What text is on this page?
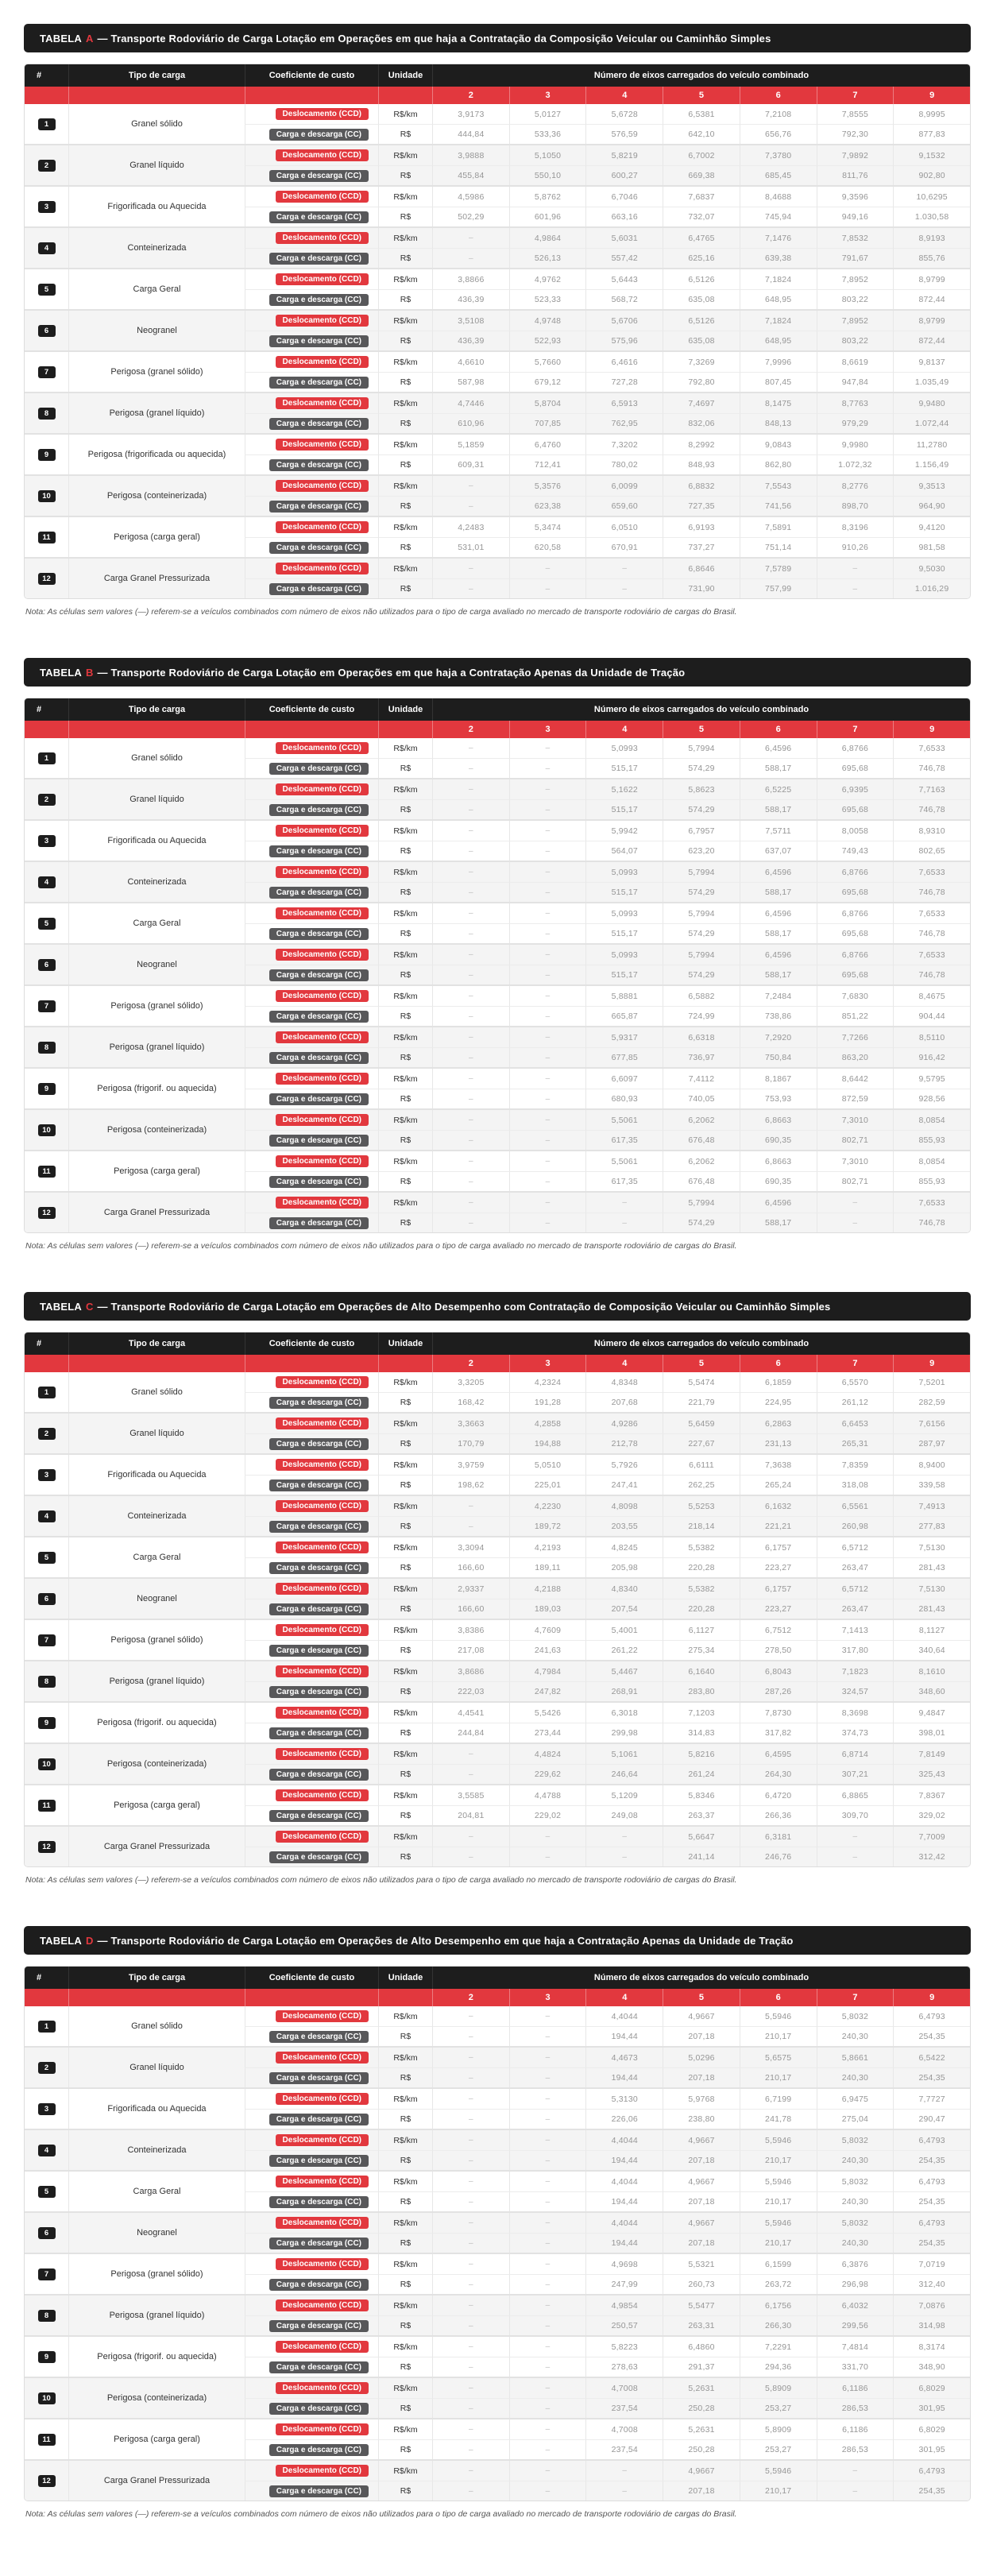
TABELA A — Transporte Rodoviário de Carga Lotação em Operações em que haja a Contratação da Composição Veicular ou Caminhão Simples
#	Tipo de carga	Coeficiente de custo	Unidade	Número de eixos carregados do veículo combinado
2	3	4	5	6	7	9
1	Granel sólido
Deslocamento (CCD)	R$/km	3,9173	5,0127	5,6728	6,5381	7,2108	7,8555	8,9995
Carga e descarga (CC)	R$	444,84	533,36	576,59	642,10	656,76	792,30	877,83
2	Granel líquido
Deslocamento (CCD)	R$/km	3,9888	5,1050	5,8219	6,7002	7,3780	7,9892	9,1532
Carga e descarga (CC)	R$	455,84	550,10	600,27	669,38	685,45	811,76	902,80
3	Frigorificada ou Aquecida
Deslocamento (CCD)	R$/km	4,5986	5,8762	6,7046	7,6837	8,4688	9,3596	10,6295
Carga e descarga (CC)	R$	502,29	601,96	663,16	732,07	745,94	949,16	1.030,58
4	Conteinerizada
Deslocamento (CCD)	R$/km	–	4,9864	5,6031	6,4765	7,1476	7,8532	8,9193
Carga e descarga (CC)	R$	–	526,13	557,42	625,16	639,38	791,67	855,76
5	Carga Geral
Deslocamento (CCD)	R$/km	3,8866	4,9762	5,6443	6,5126	7,1824	7,8952	8,9799
Carga e descarga (CC)	R$	436,39	523,33	568,72	635,08	648,95	803,22	872,44
6	Neogranel
Deslocamento (CCD)	R$/km	3,5108	4,9748	5,6706	6,5126	7,1824	7,8952	8,9799
Carga e descarga (CC)	R$	436,39	522,93	575,96	635,08	648,95	803,22	872,44
7	Perigosa (granel sólido)
Deslocamento (CCD)	R$/km	4,6610	5,7660	6,4616	7,3269	7,9996	8,6619	9,8137
Carga e descarga (CC)	R$	587,98	679,12	727,28	792,80	807,45	947,84	1.035,49
8	Perigosa (granel líquido)
Deslocamento (CCD)	R$/km	4,7446	5,8704	6,5913	7,4697	8,1475	8,7763	9,9480
Carga e descarga (CC)	R$	610,96	707,85	762,95	832,06	848,13	979,29	1.072,44
9	Perigosa (frigorificada ou aquecida)
Deslocamento (CCD)	R$/km	5,1859	6,4760	7,3202	8,2992	9,0843	9,9980	11,2780
Carga e descarga (CC)	R$	609,31	712,41	780,02	848,93	862,80	1.072,32	1.156,49
10	Perigosa (conteinerizada)
Deslocamento (CCD)	R$/km	–	5,3576	6,0099	6,8832	7,5543	8,2776	9,3513
Carga e descarga (CC)	R$	–	623,38	659,60	727,35	741,56	898,70	964,90
11	Perigosa (carga geral)
Deslocamento (CCD)	R$/km	4,2483	5,3474	6,0510	6,9193	7,5891	8,3196	9,4120
Carga e descarga (CC)	R$	531,01	620,58	670,91	737,27	751,14	910,26	981,58
12	Carga Granel Pressurizada
Deslocamento (CCD)	R$/km	–	–	–	6,8646	7,5789	–	9,5030
Carga e descarga (CC)	R$	–	–	–	731,90	757,99	–	1.016,29

Nota: As células sem valores (—) referem-se a veículos combinados com número de eixos não utilizados para o tipo de carga avaliado no mercado de transporte rodoviário de cargas do Brasil.

TABELA B — Transporte Rodoviário de Carga Lotação em Operações em que haja a Contratação Apenas da Unidade de Tração
#	Tipo de carga	Coeficiente de custo	Unidade	Número de eixos carregados do veículo combinado
2	3	4	5	6	7	9
1	Granel sólido
Deslocamento (CCD)	R$/km	–	–	5,0993	5,7994	6,4596	6,8766	7,6533
Carga e descarga (CC)	R$	–	–	515,17	574,29	588,17	695,68	746,78
2	Granel líquido
Deslocamento (CCD)	R$/km	–	–	5,1622	5,8623	6,5225	6,9395	7,7163
Carga e descarga (CC)	R$	–	–	515,17	574,29	588,17	695,68	746,78
3	Frigorificada ou Aquecida
Deslocamento (CCD)	R$/km	–	–	5,9942	6,7957	7,5711	8,0058	8,9310
Carga e descarga (CC)	R$	–	–	564,07	623,20	637,07	749,43	802,65
4	Conteinerizada
Deslocamento (CCD)	R$/km	–	–	5,0993	5,7994	6,4596	6,8766	7,6533
Carga e descarga (CC)	R$	–	–	515,17	574,29	588,17	695,68	746,78
5	Carga Geral
Deslocamento (CCD)	R$/km	–	–	5,0993	5,7994	6,4596	6,8766	7,6533
Carga e descarga (CC)	R$	–	–	515,17	574,29	588,17	695,68	746,78
6	Neogranel
Deslocamento (CCD)	R$/km	–	–	5,0993	5,7994	6,4596	6,8766	7,6533
Carga e descarga (CC)	R$	–	–	515,17	574,29	588,17	695,68	746,78
7	Perigosa (granel sólido)
Deslocamento (CCD)	R$/km	–	–	5,8881	6,5882	7,2484	7,6830	8,4675
Carga e descarga (CC)	R$	–	–	665,87	724,99	738,86	851,22	904,44
8	Perigosa (granel líquido)
Deslocamento (CCD)	R$/km	–	–	5,9317	6,6318	7,2920	7,7266	8,5110
Carga e descarga (CC)	R$	–	–	677,85	736,97	750,84	863,20	916,42
9	Perigosa (frigorif. ou aquecida)
Deslocamento (CCD)	R$/km	–	–	6,6097	7,4112	8,1867	8,6442	9,5795
Carga e descarga (CC)	R$	–	–	680,93	740,05	753,93	872,59	928,56
10	Perigosa (conteinerizada)
Deslocamento (CCD)	R$/km	–	–	5,5061	6,2062	6,8663	7,3010	8,0854
Carga e descarga (CC)	R$	–	–	617,35	676,48	690,35	802,71	855,93
11	Perigosa (carga geral)
Deslocamento (CCD)	R$/km	–	–	5,5061	6,2062	6,8663	7,3010	8,0854
Carga e descarga (CC)	R$	–	–	617,35	676,48	690,35	802,71	855,93
12	Carga Granel Pressurizada
Deslocamento (CCD)	R$/km	–	–	–	5,7994	6,4596	–	7,6533
Carga e descarga (CC)	R$	–	–	–	574,29	588,17	–	746,78

Nota: As células sem valores (—) referem-se a veículos combinados com número de eixos não utilizados para o tipo de carga avaliado no mercado de transporte rodoviário de cargas do Brasil.

TABELA C — Transporte Rodoviário de Carga Lotação em Operações de Alto Desempenho com Contratação de Composição Veicular ou Caminhão Simples
#	Tipo de carga	Coeficiente de custo	Unidade	Número de eixos carregados do veículo combinado
2	3	4	5	6	7	9
1	Granel sólido
Deslocamento (CCD)	R$/km	3,3205	4,2324	4,8348	5,5474	6,1859	6,5570	7,5201
Carga e descarga (CC)	R$	168,42	191,28	207,68	221,79	224,95	261,12	282,59
2	Granel líquido
Deslocamento (CCD)	R$/km	3,3663	4,2858	4,9286	5,6459	6,2863	6,6453	7,6156
Carga e descarga (CC)	R$	170,79	194,88	212,78	227,67	231,13	265,31	287,97
3	Frigorificada ou Aquecida
Deslocamento (CCD)	R$/km	3,9759	5,0510	5,7926	6,6111	7,3638	7,8359	8,9400
Carga e descarga (CC)	R$	198,62	225,01	247,41	262,25	265,24	318,08	339,58
4	Conteinerizada
Deslocamento (CCD)	R$/km	–	4,2230	4,8098	5,5253	6,1632	6,5561	7,4913
Carga e descarga (CC)	R$	–	189,72	203,55	218,14	221,21	260,98	277,83
5	Carga Geral
Deslocamento (CCD)	R$/km	3,3094	4,2193	4,8245	5,5382	6,1757	6,5712	7,5130
Carga e descarga (CC)	R$	166,60	189,11	205,98	220,28	223,27	263,47	281,43
6	Neogranel
Deslocamento (CCD)	R$/km	2,9337	4,2188	4,8340	5,5382	6,1757	6,5712	7,5130
Carga e descarga (CC)	R$	166,60	189,03	207,54	220,28	223,27	263,47	281,43
7	Perigosa (granel sólido)
Deslocamento (CCD)	R$/km	3,8386	4,7609	5,4001	6,1127	6,7512	7,1413	8,1127
Carga e descarga (CC)	R$	217,08	241,63	261,22	275,34	278,50	317,80	340,64
8	Perigosa (granel líquido)
Deslocamento (CCD)	R$/km	3,8686	4,7984	5,4467	6,1640	6,8043	7,1823	8,1610
Carga e descarga (CC)	R$	222,03	247,82	268,91	283,80	287,26	324,57	348,60
9	Perigosa (frigorif. ou aquecida)
Deslocamento (CCD)	R$/km	4,4541	5,5426	6,3018	7,1203	7,8730	8,3698	9,4847
Carga e descarga (CC)	R$	244,84	273,44	299,98	314,83	317,82	374,73	398,01
10	Perigosa (conteinerizada)
Deslocamento (CCD)	R$/km	–	4,4824	5,1061	5,8216	6,4595	6,8714	7,8149
Carga e descarga (CC)	R$	–	229,62	246,64	261,24	264,30	307,21	325,43
11	Perigosa (carga geral)
Deslocamento (CCD)	R$/km	3,5585	4,4788	5,1209	5,8346	6,4720	6,8865	7,8367
Carga e descarga (CC)	R$	204,81	229,02	249,08	263,37	266,36	309,70	329,02
12	Carga Granel Pressurizada
Deslocamento (CCD)	R$/km	–	–	–	5,6647	6,3181	–	7,7009
Carga e descarga (CC)	R$	–	–	–	241,14	246,76	–	312,42

Nota: As células sem valores (—) referem-se a veículos combinados com número de eixos não utilizados para o tipo de carga avaliado no mercado de transporte rodoviário de cargas do Brasil.

TABELA D — Transporte Rodoviário de Carga Lotação em Operações de Alto Desempenho em que haja a Contratação Apenas da Unidade de Tração
#	Tipo de carga	Coeficiente de custo	Unidade	Número de eixos carregados do veículo combinado
2	3	4	5	6	7	9
1	Granel sólido
Deslocamento (CCD)	R$/km	–	–	4,4044	4,9667	5,5946	5,8032	6,4793
Carga e descarga (CC)	R$	–	–	194,44	207,18	210,17	240,30	254,35
2	Granel líquido
Deslocamento (CCD)	R$/km	–	–	4,4673	5,0296	5,6575	5,8661	6,5422
Carga e descarga (CC)	R$	–	–	194,44	207,18	210,17	240,30	254,35
3	Frigorificada ou Aquecida
Deslocamento (CCD)	R$/km	–	–	5,3130	5,9768	6,7199	6,9475	7,7727
Carga e descarga (CC)	R$	–	–	226,06	238,80	241,78	275,04	290,47
4	Conteinerizada
Deslocamento (CCD)	R$/km	–	–	4,4044	4,9667	5,5946	5,8032	6,4793
Carga e descarga (CC)	R$	–	–	194,44	207,18	210,17	240,30	254,35
5	Carga Geral
Deslocamento (CCD)	R$/km	–	–	4,4044	4,9667	5,5946	5,8032	6,4793
Carga e descarga (CC)	R$	–	–	194,44	207,18	210,17	240,30	254,35
6	Neogranel
Deslocamento (CCD)	R$/km	–	–	4,4044	4,9667	5,5946	5,8032	6,4793
Carga e descarga (CC)	R$	–	–	194,44	207,18	210,17	240,30	254,35
7	Perigosa (granel sólido)
Deslocamento (CCD)	R$/km	–	–	4,9698	5,5321	6,1599	6,3876	7,0719
Carga e descarga (CC)	R$	–	–	247,99	260,73	263,72	296,98	312,40
8	Perigosa (granel líquido)
Deslocamento (CCD)	R$/km	–	–	4,9854	5,5477	6,1756	6,4032	7,0876
Carga e descarga (CC)	R$	–	–	250,57	263,31	266,30	299,56	314,98
9	Perigosa (frigorif. ou aquecida)
Deslocamento (CCD)	R$/km	–	–	5,8223	6,4860	7,2291	7,4814	8,3174
Carga e descarga (CC)	R$	–	–	278,63	291,37	294,36	331,70	348,90
10	Perigosa (conteinerizada)
Deslocamento (CCD)	R$/km	–	–	4,7008	5,2631	5,8909	6,1186	6,8029
Carga e descarga (CC)	R$	–	–	237,54	250,28	253,27	286,53	301,95
11	Perigosa (carga geral)
Deslocamento (CCD)	R$/km	–	–	4,7008	5,2631	5,8909	6,1186	6,8029
Carga e descarga (CC)	R$	–	–	237,54	250,28	253,27	286,53	301,95
12	Carga Granel Pressurizada
Deslocamento (CCD)	R$/km	–	–	–	4,9667	5,5946	–	6,4793
Carga e descarga (CC)	R$	–	–	–	207,18	210,17	–	254,35

Nota: As células sem valores (—) referem-se a veículos combinados com número de eixos não utilizados para o tipo de carga avaliado no mercado de transporte rodoviário de cargas do Brasil.
